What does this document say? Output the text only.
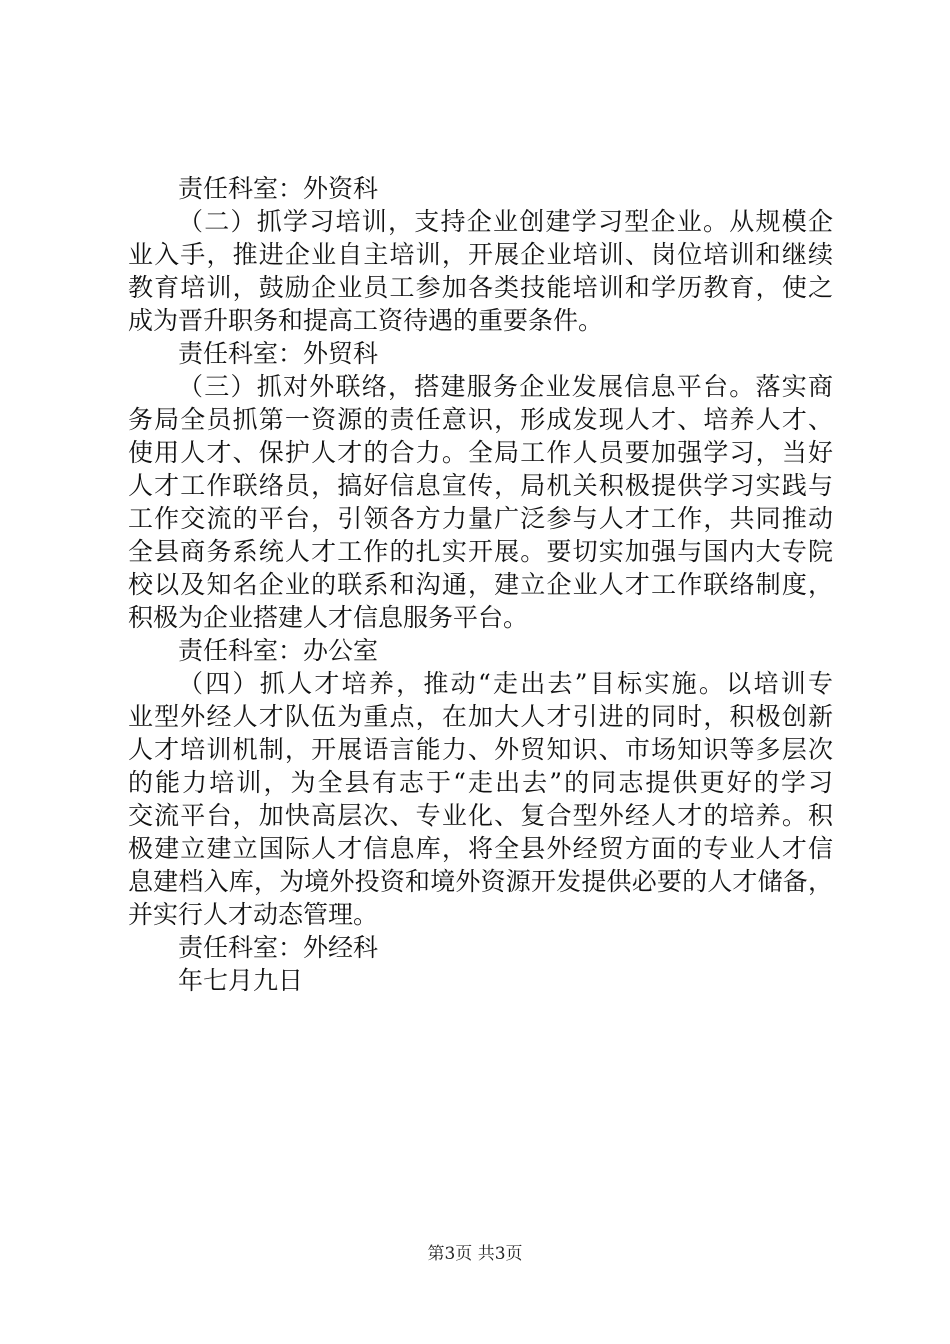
责任科室：外资科
（二）抓学习培训，支持企业创建学习型企业。从规模企
业入手，推进企业自主培训，开展企业培训、岗位培训和继续
教育培训，鼓励企业员工参加各类技能培训和学历教育，使之
成为晋升职务和提高工资待遇的重要条件。
责任科室：外贸科
（三）抓对外联络，搭建服务企业发展信息平台。落实商
务局全员抓第一资源的责任意识，形成发现人才、培养人才、
使用人才、保护人才的合力。全局工作人员要加强学习，当好
人才工作联络员，搞好信息宣传，局机关积极提供学习实践与
工作交流的平台，引领各方力量广泛参与人才工作，共同推动
全县商务系统人才工作的扎实开展。要切实加强与国内大专院
校以及知名企业的联系和沟通，建立企业人才工作联络制度，
积极为企业搭建人才信息服务平台。
责任科室：办公室
（四）抓人才培养，推动“走出去”目标实施。以培训专
业型外经人才队伍为重点，在加大人才引进的同时，积极创新
人才培训机制，开展语言能力、外贸知识、市场知识等多层次
的能力培训，为全县有志于“走出去”的同志提供更好的学习
交流平台，加快高层次、专业化、复合型外经人才的培养。积
极建立建立国际人才信息库，将全县外经贸方面的专业人才信
息建档入库，为境外投资和境外资源开发提供必要的人才储备，
并实行人才动态管理。
责任科室：外经科
年七月九日
第3页 共3页
